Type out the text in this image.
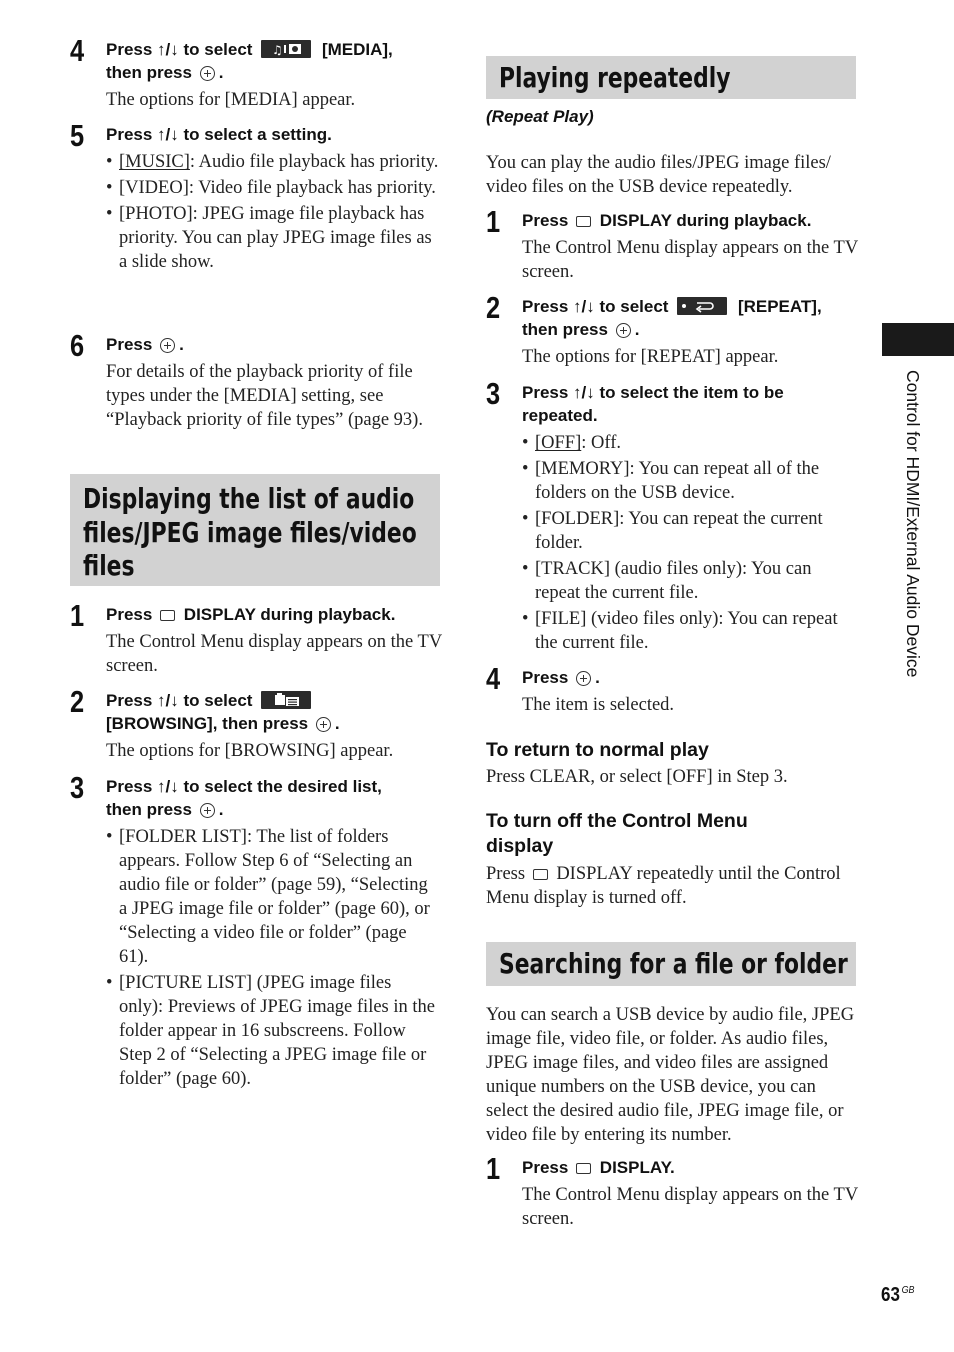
4 Press ↑/↓ to select ♫ [MEDIA],
then press .
The options for [MEDIA] appear.
5 Press ↑/↓ to select a setting.
• [MUSIC]: Audio file playback has priority.
• [VIDEO]: Video file playback has priority.
• [PHOTO]: JPEG image file playback has priority. You can play JPEG image files as a slide show.
6 Press .
For details of the playback priority of file types under the [MEDIA] setting, see “Playback priority of file types” (page 93).
Displaying the list of audio
files/JPEG image files/video
files
1 Press DISPLAY during playback.
The Control Menu display appears on the TV screen.
2 Press ↑/↓ to select
[BROWSING], then press .
The options for [BROWSING] appear.
3 Press ↑/↓ to select the desired list,
then press .
• [FOLDER LIST]: The list of folders appears. Follow Step 6 of “Selecting an audio file or folder” (page 59), “Selecting a JPEG image file or folder” (page 60), or “Selecting a video file or folder” (page 61).
• [PICTURE LIST] (JPEG image files only): Previews of JPEG image files in the folder appear in 16 subscreens. Follow Step 2 of “Selecting a JPEG image file or folder” (page 60).
Playing repeatedly
(Repeat Play)
You can play the audio files/JPEG image files/ video files on the USB device repeatedly.
1 Press DISPLAY during playback.
The Control Menu display appears on the TV screen.
2 Press ↑/↓ to select	[REPEAT],
then press .
The options for [REPEAT] appear.
3 Press ↑/↓ to select the item to be repeated.
• [OFF]: Off.
• [MEMORY]: You can repeat all of the folders on the USB device.
• [FOLDER]: You can repeat the current folder.
• [TRACK] (audio files only): You can repeat the current file.
• [FILE] (video files only): You can repeat the current file.
4 Press .
The item is selected.
To return to normal play
Press CLEAR, or select [OFF] in Step 3.
To turn off the Control Menu display
Press DISPLAY repeatedly until the Control Menu display is turned off.
Searching for a file or folder
You can search a USB device by audio file, JPEG image file, video file, or folder. As audio files, JPEG image files, and video files are assigned unique numbers on the USB device, you can select the desired audio file, JPEG image file, or video file by entering its number.
1 Press DISPLAY.
The Control Menu display appears on the TV screen.
Control for HDMI/External Audio Device
63 $^{GB}$
